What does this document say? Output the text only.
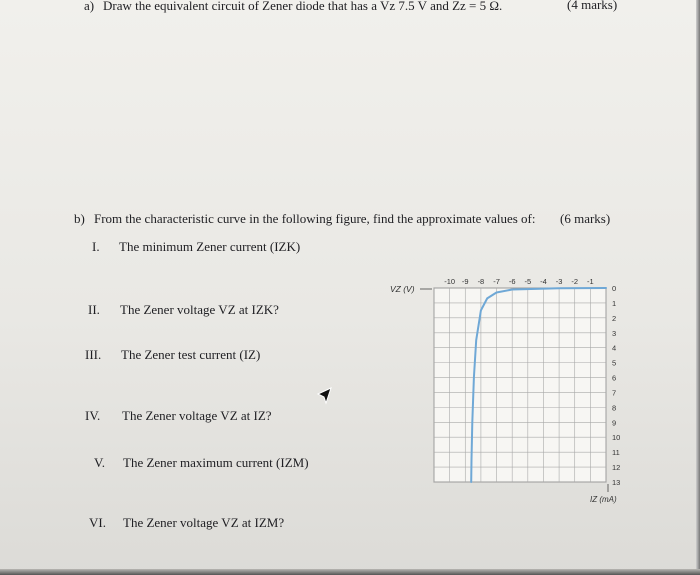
a) Draw the equivalent circuit of Zener diode that has a Vz 7.5 V and Zz = 5 Ω.	(4 marks)
b) From the characteristic curve in the following figure, find the approximate values of: (6 marks)
I. The minimum Zener current (IZK)
II. The Zener voltage VZ at IZK?
III. The Zener test current (IZ)
IV. The Zener voltage VZ at IZ?
V. The Zener maximum current (IZM)
VI. The Zener voltage VZ at IZM?
-10 -9 -8 -7 -6 -5 -4 -3 -2 -1
0
1
2
3
4
5
6
7
8
9
10
11
12
13
VZ (V)
IZ (mA)
